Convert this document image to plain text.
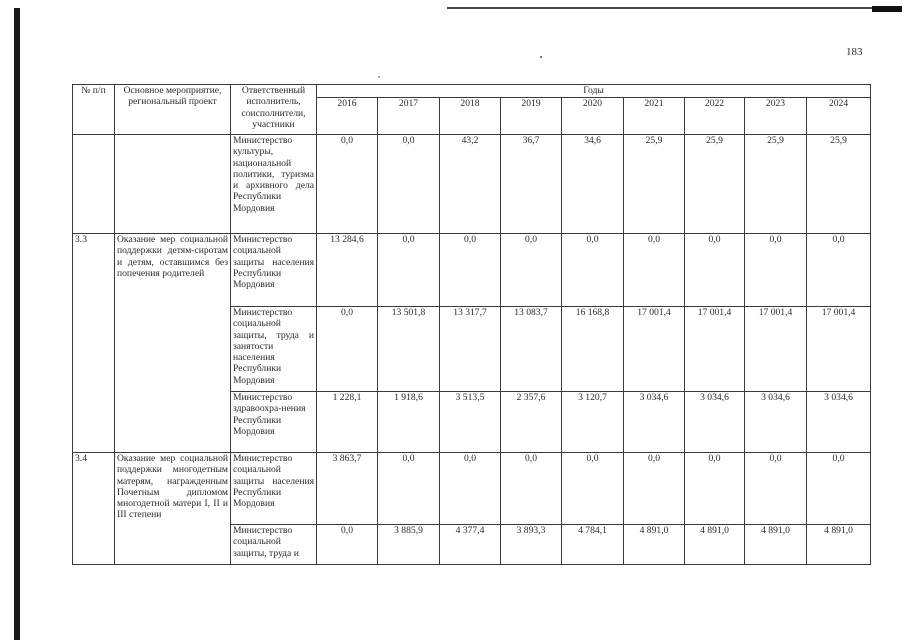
183
№ п/п	Основное мероприятие, региональный проект	Ответственный исполнитель, соисполнители, участники	Годы								
			2016	2017	2018	2019	2020	2021	2022	2023	2024
		Министерство культуры, национальной политики, туризма и архивного дела Республики Мордовия	0,0	0,0	43,2	36,7	34,6	25,9	25,9	25,9	25,9
3.3	Оказание мер социальной поддержки детям-сиротам и детям, оставшимся без попечения родителей	Министерство социальной защиты населения Республики Мордовия	13 284,6	0,0	0,0	0,0	0,0	0,0	0,0	0,0	0,0
		Министерство социальной защиты, труда и занятости населения Республики Мордовия	0,0	13 501,8	13 317,7	13 083,7	16 168,8	17 001,4	17 001,4	17 001,4	17 001,4
		Министерство здравоохра-нения Республики Мордовия	1 228,1	1 918,6	3 513,5	2 357,6	3 120,7	3 034,6	3 034,6	3 034,6	3 034,6
3.4	Оказание мер социальной поддержки многодетным матерям, награжденным Почетным дипломом многодетной матери I, II и III степени	Министерство социальной защиты населения Республики Мордовия	3 863,7	0,0	0,0	0,0	0,0	0,0	0,0	0,0	0,0
		Министерство социальной защиты, труда и	0,0	3 885,9	4 377,4	3 893,3	4 784,1	4 891,0	4 891,0	4 891,0	4 891,0
